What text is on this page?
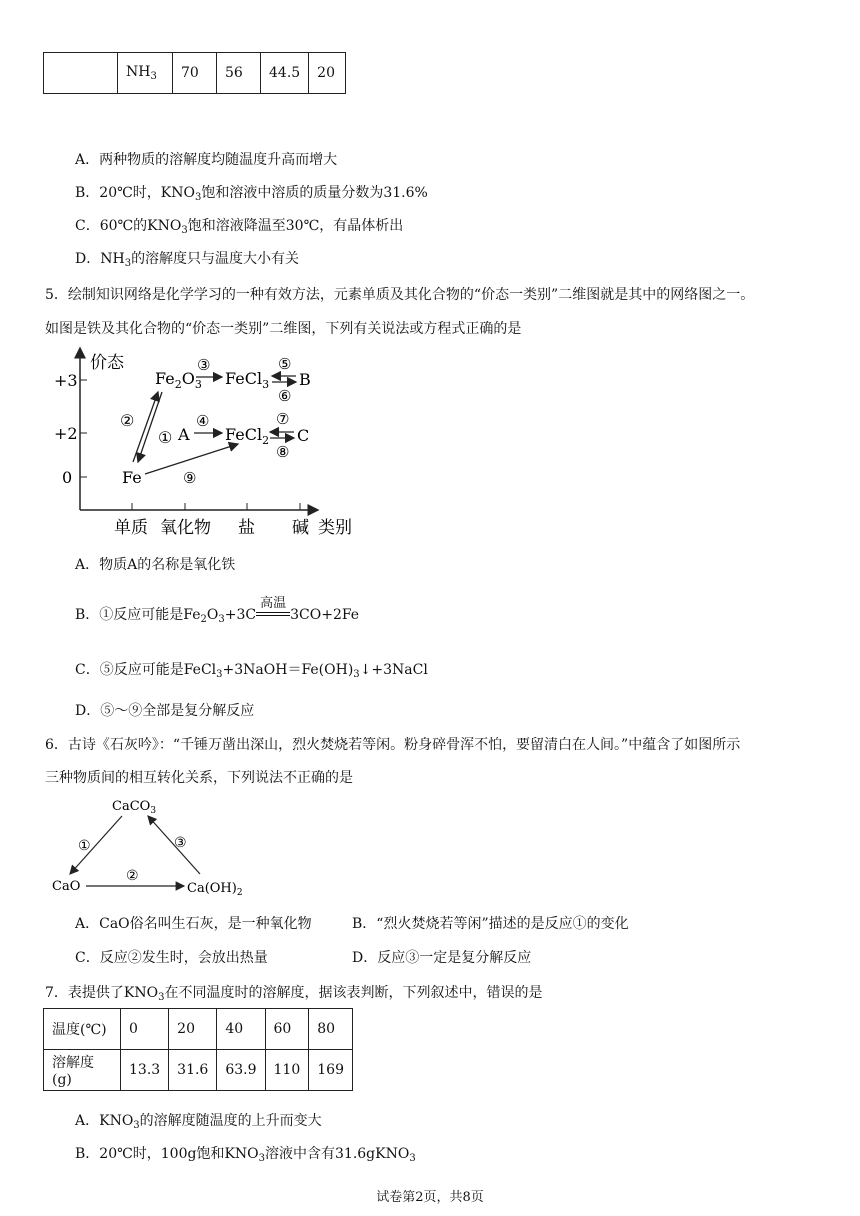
	$NH_3$	70	56	44.5	20
A．两种物质的溶解度均随温度升高而增大
B．20℃时，$KNO_3$饱和溶液中溶质的质量分数为31.6%
C．60℃的$KNO_3$饱和溶液降温至30℃，有晶体析出
D．$NH_3$的溶解度只与温度大小有关
5．绘制知识网络是化学学习的一种有效方法，元素单质及其化合物的“价态一类别”二维图就是其中的网络图之一。
如图是铁及其化合物的“价态一类别”二维图，下列有关说法或方程式正确的是
价态
类别
+3
+2
0
单质 氧化物 盐 碱
$Fe_2O_3$ FeCl$_3$ B
A FeCl$_2$ C
Fe
②
①
③
④
⑤
⑥
⑦
⑧
⑨
A．物质A的名称是氧化铁
B．①反应可能是$Fe_2O_3+3C$
高温
3CO+2Fe
C．⑤反应可能是$FeCl_3+3NaOH=Fe(OH)_3↓+3NaCl$
D．⑤～⑨全部是复分解反应
6．古诗《石灰吟》：“千锤万凿出深山，烈火焚烧若等闲。粉身碎骨浑不怕，要留清白在人间。”中蕴含了如图所示
三种物质间的相互转化关系，下列说法不正确的是
CaCO$_3$
CaO	$Ca(OH)_2$
①
②
③
A．CaO俗名叫生石灰，是一种氧化物	B．“烈火焚烧若等闲”描述的是反应①的变化
C．反应②发生时，会放出热量	D．反应③一定是复分解反应
7．表提供了$KNO_3$在不同温度时的溶解度，据该表判断，下列叙述中，错误的是
温度(℃)	0	20	40	60	80
溶解度(g)	13.3	31.6	63.9	110	169
A．$KNO_3$的溶解度随温度的上升而变大
B．20℃时，100g饱和$KNO_3$溶液中含有31.6gKNO$_3$
试卷第2页，共8页
